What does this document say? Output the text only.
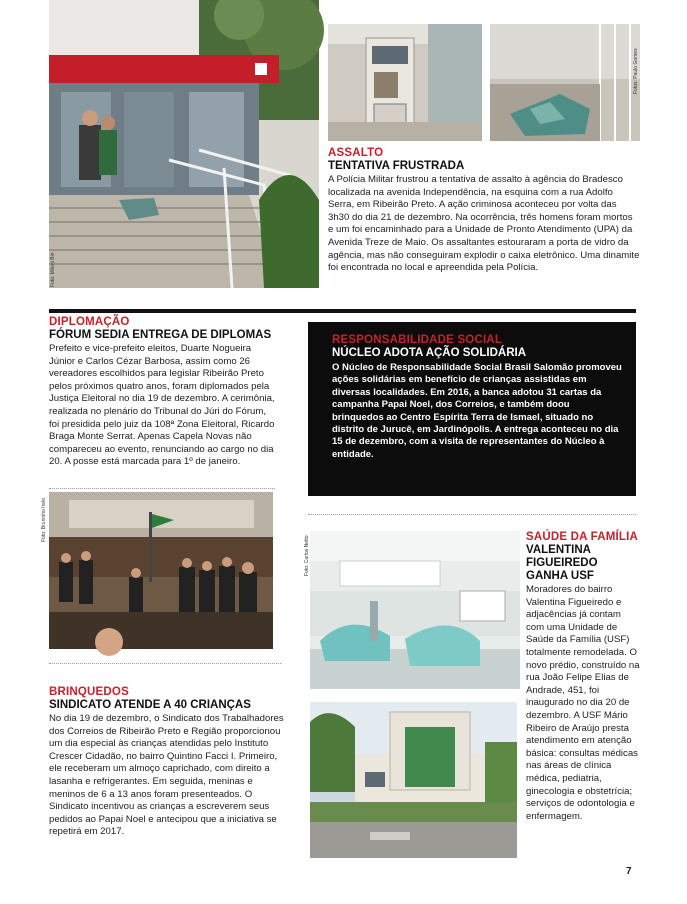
Foto: Mileni Bin
Fotos: Paulo Gomes
ASSALTO
TENTATIVA FRUSTRADA

A Polícia Militar frustrou a tentativa de assalto à agência do Bradesco localizada na avenida Independência, na esquina com a rua Adolfo Serra, em Ribeirão Preto. A ação criminosa aconteceu por volta das 3h30 do dia 21 de dezembro. Na ocorrência, três homens foram mortos e um foi encaminhado para a Unidade de Pronto Atendimento (UPA) da Avenida Treze de Maio. Os assaltantes estouraram a porta de vidro da agência, mas não conseguiram explodir o caixa eletrônico. Uma dinamite foi encontrada no local e apreendida pela Polícia.

DIPLOMAÇÃO
FÓRUM SEDIA ENTREGA DE DIPLOMAS

Prefeito e vice-prefeito eleitos, Duarte Nogueira Júnior e Carlos Cézar Barbosa, assim como 26 vereadores escolhidos para legislar Ribeirão Preto pelos próximos quatro anos, foram diplomados pela Justiça Eleitoral no dia 19 de dezembro. A cerimônia, realizada no plenário do Tribunal do Júri do Fórum, foi presidida pelo juiz da 108ª Zona Eleitoral, Ricardo Braga Monte Serrat. Apenas Capela Novas não compareceu ao evento, renunciando ao cargo no dia 20. A posse está marcada para 1º de janeiro.

RESPONSABILIDADE SOCIAL
NÚCLEO ADOTA AÇÃO SOLIDÁRIA

O Núcleo de Responsabilidade Social Brasil Salomão promoveu ações solidárias em benefício de crianças assistidas em diversas localidades. Em 2016, a banca adotou 31 cartas da campanha Papai Noel, dos Correios, e também doou brinquedos ao Centro Espírita Terra de Ismael, situado no distrito de Jurucê, em Jardinópolis. A entrega aconteceu no dia 15 de dezembro, com a visita de representantes do Núcleo à entidade.

Foto: Bruninho Irelo
Foto: Carlos Netto	SAÚDE DA FAMÍLIA
VALENTINA FIGUEIREDO GANHA USF

Moradores do bairro Valentina Figueiredo e adjacências já contam com uma Unidade de Saúde da Família (USF) totalmente remodelada. O novo prédio, construído na rua João Felipe Elias de Andrade, 451, foi inaugurado no dia 20 de dezembro. A USF Mário Ribeiro de Araújo presta atendimento em atenção básica: consultas médicas nas áreas de clínica médica, pediatria, ginecologia e obstetrícia; serviços de odontologia e enfermagem.

BRINQUEDOS
SINDICATO ATENDE A 40 CRIANÇAS

No dia 19 de dezembro, o Sindicato dos Trabalhadores dos Correios de Ribeirão Preto e Região proporcionou um dia especial às crianças atendidas pelo Instituto Crescer Cidadão, no bairro Quintino Facci I. Primeiro, ele receberam um almoço caprichado, com direito a lasanha e refrigerantes. Em seguida, meninas e meninos de 6 a 13 anos foram presenteados. O Sindicato incentivou as crianças a escreverem seus pedidos ao Papai Noel e antecipou que a iniciativa se repetirá em 2017.

7
